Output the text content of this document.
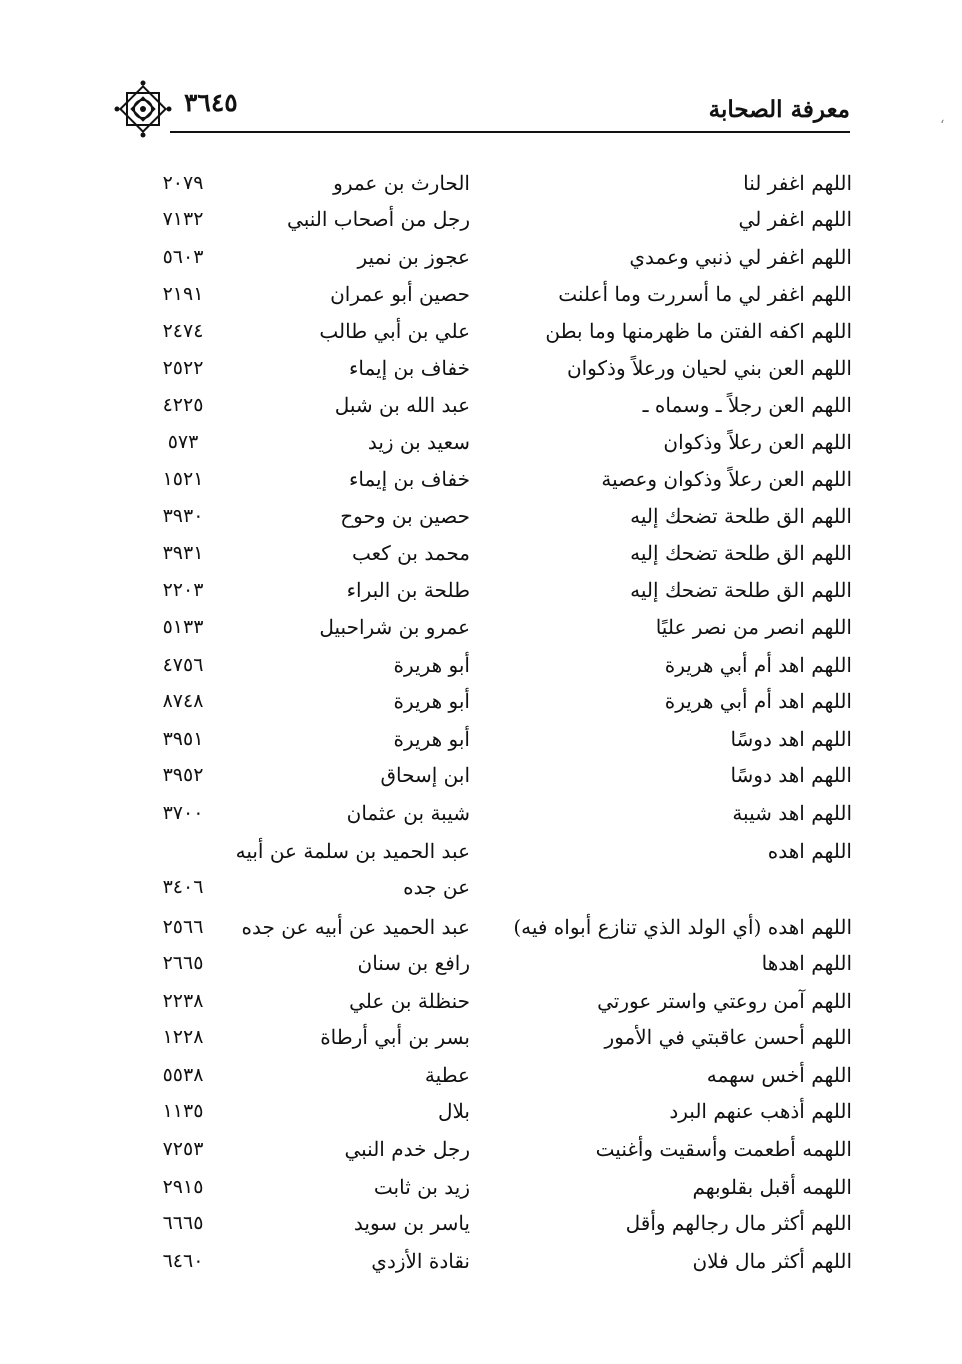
٣٦٤٥	معرفة الصحابة
ʻ
اللهم اغفر لنا
الحارث بن عمرو
٢٠٧٩
اللهم اغفر لي
رجل من أصحاب النبي
٧١٣٢
اللهم اغفر لي ذنبي وعمدي
عجوز بن نمير
٥٦٠٣
اللهم اغفر لي ما أسررت وما أعلنت
حصين أبو عمران
٢١٩١
اللهم اكفه الفتن ما ظهرمنها وما بطن
علي بن أبي طالب
٢٤٧٤
اللهم العن بني لحيان ورعلاً وذكوان
خفاف بن إيماء
٢٥٢٢
اللهم العن رجلاً ـ وسماه ـ
عبد الله بن شبل
٤٢٢٥
اللهم العن رعلاً وذكوان
سعيد بن زيد
٥٧٣
اللهم العن رعلاً وذكوان وعصية
خفاف بن إيماء
١٥٢١
اللهم الق طلحة تضحك إليه
حصين بن وحوح
٣٩٣٠
اللهم الق طلحة تضحك إليه
محمد بن كعب
٣٩٣١
اللهم الق طلحة تضحك إليه
طلحة بن البراء
٢٢٠٣
اللهم انصر من نصر عليًا
عمرو بن شراحبيل
٥١٣٣
اللهم اهد أم أبي هريرة
أبو هريرة
٤٧٥٦
اللهم اهد أم أبي هريرة
أبو هريرة
٨٧٤٨
اللهم اهد دوسًا
أبو هريرة
٣٩٥١
اللهم اهد دوسًا
ابن إسحاق
٣٩٥٢
اللهم اهد شيبة
شيبة بن عثمان
٣٧٠٠
اللهم اهده
عبد الحميد بن سلمة عن أبيه
عن جده
٣٤٠٦
اللهم اهده (أي الولد الذي تنازع أبواه فيه)
عبد الحميد عن أبيه عن جده
٢٥٦٦
اللهم اهدها
رافع بن سنان
٢٦٦٥
اللهم آمن روعتي واستر عورتي
حنظلة بن علي
٢٢٣٨
اللهم أحسن عاقبتي في الأمور
بسر بن أبي أرطاة
١٢٢٨
اللهم أخس سهمه
عطية
٥٥٣٨
اللهم أذهب عنهم البرد
بلال
١١٣٥
اللهمه أطعمت وأسقيت وأغنيت
رجل خدم النبي
٧٢٥٣
اللهمه أقبل بقلوبهم
زيد بن ثابت
٢٩١٥
اللهم أكثر مال رجالهم وأقل
ياسر بن سويد
٦٦٦٥
اللهم أكثر مال فلان
نقادة الأزدي
٦٤٦٠
